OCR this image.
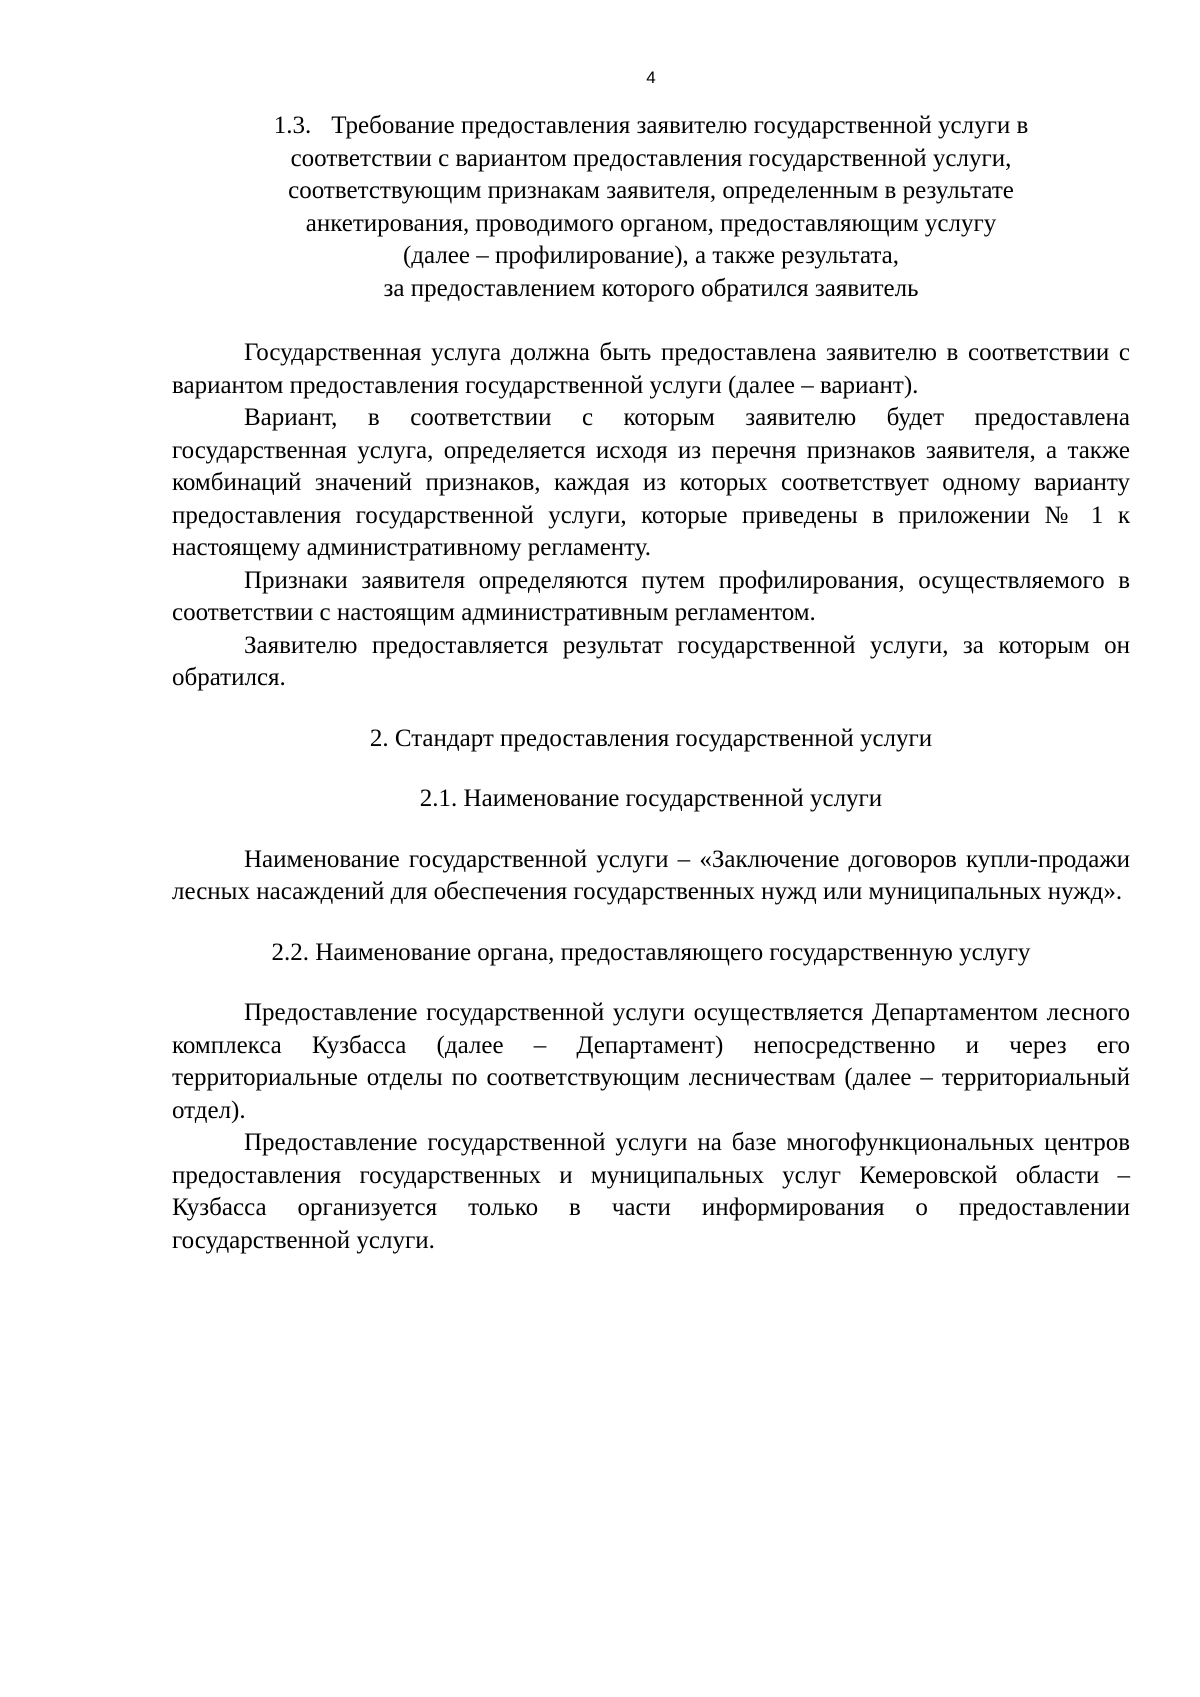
4
1.3. Требование предоставления заявителю государственной услуги в
соответствии с вариантом предоставления государственной услуги,
соответствующим признакам заявителя, определенным в результате
анкетирования, проводимого органом, предоставляющим услугу
(далее – профилирование), а также результата,
за предоставлением которого обратился заявитель

Государственная услуга должна быть предоставлена заявителю в соответствии с вариантом предоставления государственной услуги (далее – вариант).

Вариант, в соответствии с которым заявителю будет предоставлена государственная услуга, определяется исходя из перечня признаков заявителя, а также комбинаций значений признаков, каждая из которых соответствует одному варианту предоставления государственной услуги, которые приведены в приложении № 1 к настоящему административному регламенту.

Признаки заявителя определяются путем профилирования, осуществляемого в соответствии с настоящим административным регламентом.

Заявителю предоставляется результат государственной услуги, за которым он обратился.

2. Стандарт предоставления государственной услуги
2.1. Наименование государственной услуги

Наименование государственной услуги – «Заключение договоров купли-продажи лесных насаждений для обеспечения государственных нужд или муниципальных нужд».

2.2. Наименование органа, предоставляющего государственную услугу

Предоставление государственной услуги осуществляется Департаментом лесного комплекса Кузбасса (далее – Департамент) непосредственно и через его территориальные отделы по соответствующим лесничествам (далее – территориальный отдел).

Предоставление государственной услуги на базе многофункциональных центров предоставления государственных и муниципальных услуг Кемеровской области – Кузбасса организуется только в части информирования о предоставлении государственной услуги.
